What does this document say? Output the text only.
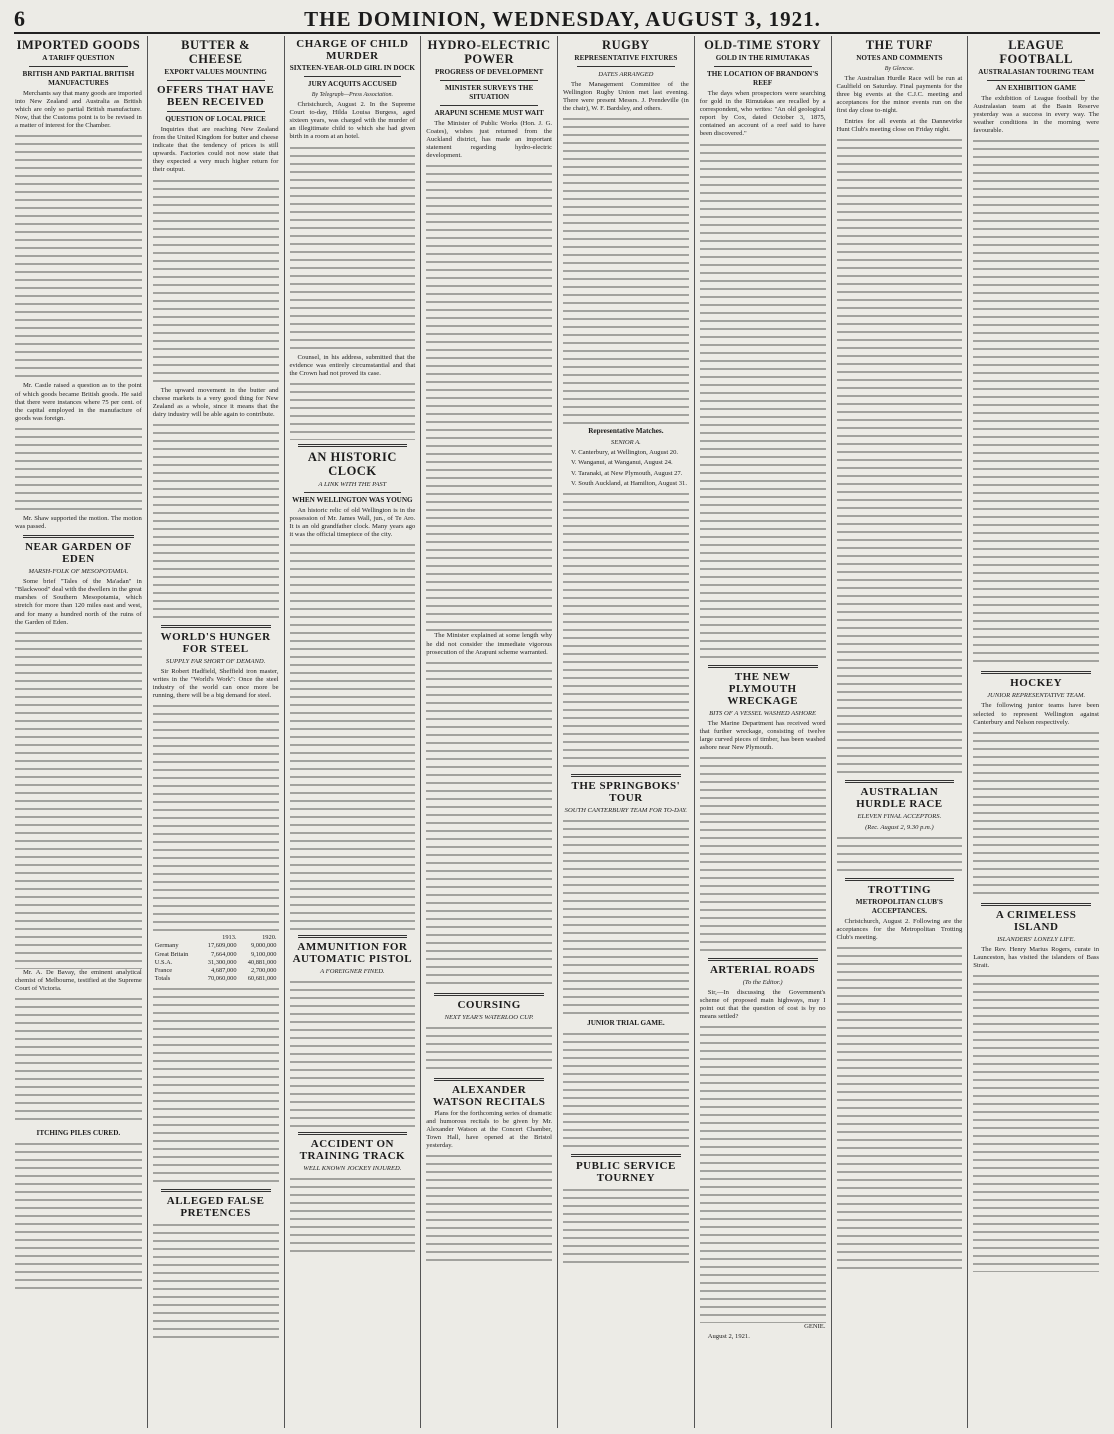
6	THE DOMINION, WEDNESDAY, AUGUST 3, 1921.
IMPORTED GOODS
A TARIFF QUESTION
BRITISH AND PARTIAL BRITISH MANUFACTURES

Merchants say that many goods are imported into New Zealand and Australia as British which are only so partial British manufacture. Now, that the Customs point is to be revised in a matter of interest for the Chamber.

Mr. Castle raised a question as to the point of which goods became British goods. He said that there were instances where 75 per cent. of the capital employed in the manufacture of goods was foreign.

Mr. Shaw supported the motion. The motion was passed.

NEAR GARDEN OF EDEN
MARSH-FOLK OF MESOPOTAMIA.

Some brief "Tales of the Ma'adan" in "Blackwood" deal with the dwellers in the great marshes of Southern Mesopotamia, which stretch for more than 120 miles east and west, and for many a hundred north of the ruins of the Garden of Eden.

Mr. A. De Bavay, the eminent analytical chemist of Melbourne, testified at the Supreme Court of Victoria.

ITCHING PILES CURED.
BUTTER & CHEESE
EXPORT VALUES MOUNTING
OFFERS THAT HAVE BEEN RECEIVED
QUESTION OF LOCAL PRICE

Inquiries that are reaching New Zealand from the United Kingdom for butter and cheese indicate that the tendency of prices is still upwards. Factories could not now state that they expected a very much higher return for their output.

The upward movement in the butter and cheese markets is a very good thing for New Zealand as a whole, since it means that the dairy industry will be able again to contribute.

WORLD'S HUNGER FOR STEEL
SUPPLY FAR SHORT OF DEMAND.

Sir Robert Hadfield, Sheffield iron master, writes in the "World's Work": Once the steel industry of the world can once more be running, there will be a big demand for steel.

	1913.	1920.
Germany	17,609,000	9,000,000
Great Britain	7,664,000	9,100,000
U.S.A.	31,300,000	40,881,000
France	4,687,000	2,700,000
Totals	70,060,000	60,681,000
ALLEGED FALSE PRETENCES
CHARGE OF CHILD MURDER
SIXTEEN-YEAR-OLD GIRL IN DOCK
JURY ACQUITS ACCUSED
By Telegraph—Press Association.

Christchurch, August 2. In the Supreme Court to-day, Hilda Louisa Burgess, aged sixteen years, was charged with the murder of an illegitimate child to which she had given birth in a room at an hotel.

Counsel, in his address, submitted that the evidence was entirely circumstantial and that the Crown had not proved its case.

AN HISTORIC CLOCK
A LINK WITH THE PAST
WHEN WELLINGTON WAS YOUNG

An historic relic of old Wellington is in the possession of Mr. James Wall, jun., of Te Aro. It is an old grandfather clock. Many years ago it was the official timepiece of the city.

AMMUNITION FOR AUTOMATIC PISTOL
A FOREIGNER FINED.
ACCIDENT ON TRAINING TRACK
WELL KNOWN JOCKEY INJURED.
HYDRO-ELECTRIC POWER
PROGRESS OF DEVELOPMENT
MINISTER SURVEYS THE SITUATION
ARAPUNI SCHEME MUST WAIT

The Minister of Public Works (Hon. J. G. Coates), wishes just returned from the Auckland district, has made an important statement regarding hydro-electric development.

The Minister explained at some length why he did not consider the immediate vigorous prosecution of the Arapuni scheme warranted.

COURSING
NEXT YEAR'S WATERLOO CUP.
ALEXANDER WATSON RECITALS

Plans for the forthcoming series of dramatic and humorous recitals to be given by Mr. Alexander Watson at the Concert Chamber, Town Hall, have opened at the Bristol yesterday.

RUGBY
REPRESENTATIVE FIXTURES
DATES ARRANGED

The Management Committee of the Wellington Rugby Union met last evening. There were present Messrs. J. Prendeville (in the chair), W. F. Bardsley, and others.

Representative Matches.
SENIOR A.

V. Canterbury, at Wellington, August 20.

V. Wanganui, at Wanganui, August 24.

V. Taranaki, at New Plymouth, August 27.

V. South Auckland, at Hamilton, August 31.

THE SPRINGBOKS' TOUR
SOUTH CANTERBURY TEAM FOR TO-DAY.
JUNIOR TRIAL GAME.
PUBLIC SERVICE TOURNEY
OLD-TIME STORY
GOLD IN THE RIMUTAKAS
THE LOCATION OF BRANDON'S REEF

The days when prospectors were searching for gold in the Rimutakas are recalled by a correspondent, who writes: "An old geological report by Cox, dated October 3, 1875, contained an account of a reef said to have been discovered."

THE NEW PLYMOUTH WRECKAGE
BITS OF A VESSEL WASHED ASHORE

The Marine Department has received word that further wreckage, consisting of twelve large curved pieces of timber, has been washed ashore near New Plymouth.

ARTERIAL ROADS
(To the Editor.)

Sir,—In discussing the Government's scheme of proposed main highways, may I point out that the question of cost is by no means settled?

GENIE.

August 2, 1921.

THE TURF
NOTES AND COMMENTS
By Glencoe.

The Australian Hurdle Race will be run at Caulfield on Saturday. Final payments for the three big events at the C.J.C. meeting and acceptances for the minor events run on the first day close to-night.

Entries for all events at the Dannevirke Hunt Club's meeting close on Friday night.

AUSTRALIAN HURDLE RACE
ELEVEN FINAL ACCEPTORS.
(Rec. August 2, 9.30 p.m.)
TROTTING
METROPOLITAN CLUB'S ACCEPTANCES.

Christchurch, August 2. Following are the acceptances for the Metropolitan Trotting Club's meeting.

LEAGUE FOOTBALL
AUSTRALASIAN TOURING TEAM
AN EXHIBITION GAME

The exhibition of League football by the Australasian team at the Basin Reserve yesterday was a success in every way. The weather conditions in the morning were favourable.

HOCKEY
JUNIOR REPRESENTATIVE TEAM.

The following junior teams have been selected to represent Wellington against Canterbury and Nelson respectively.

A CRIMELESS ISLAND
ISLANDERS' LONELY LIFE.

The Rev. Henry Marius Rogers, curate in Launceston, has visited the islanders of Bass Strait.
